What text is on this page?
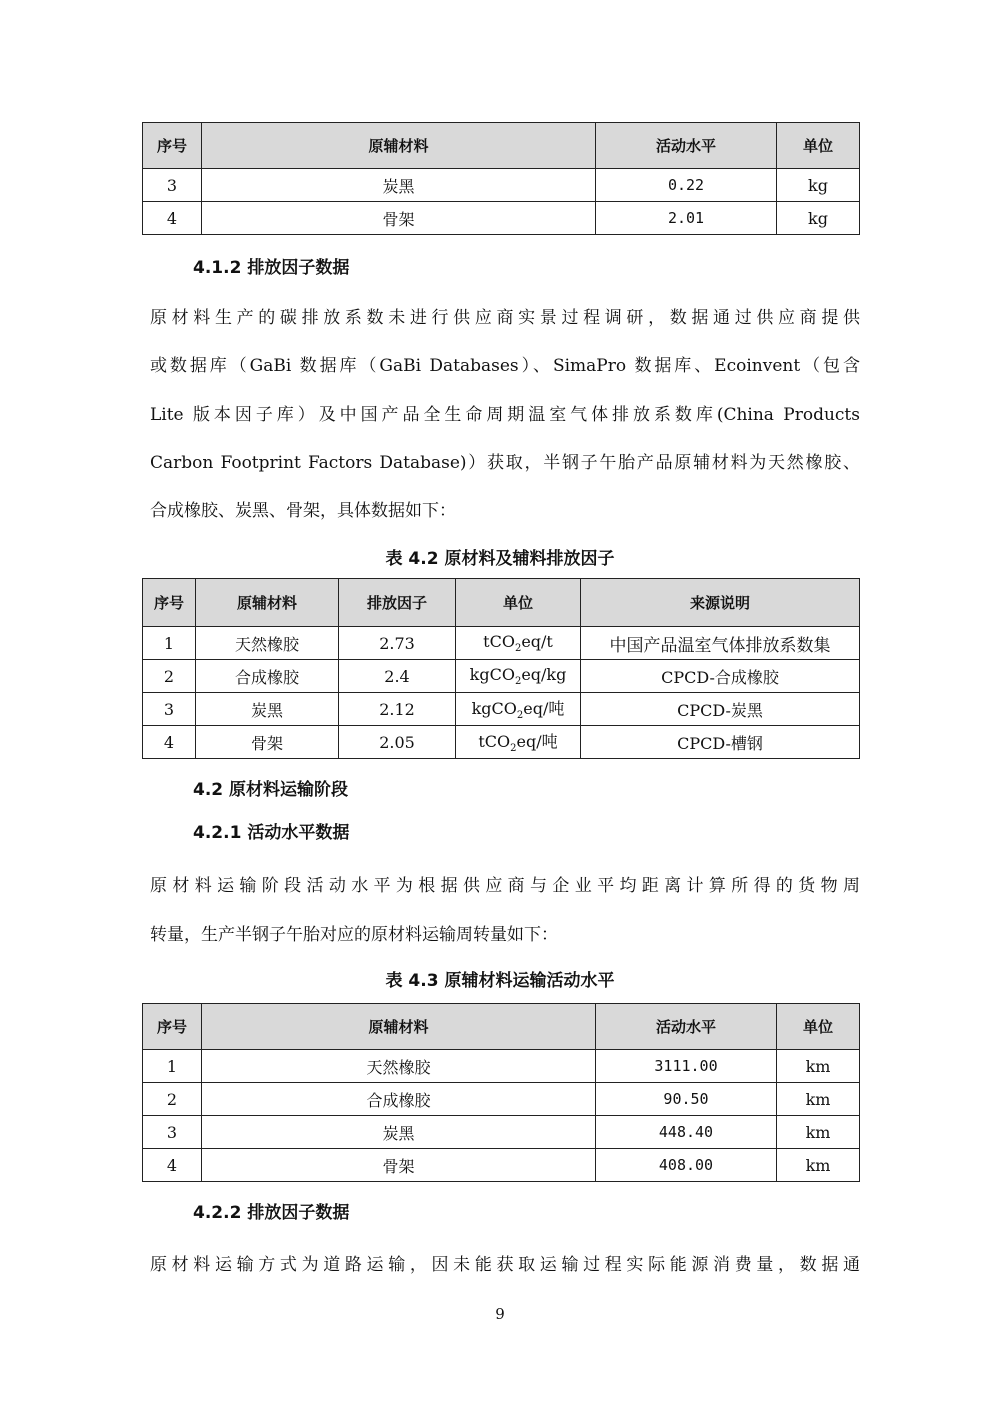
序号	原辅材料	活动水平	单位
3	炭黑	0.22	kg
4	骨架	2.01	kg
4.1.2 排放因子数据
原材料生产的碳排放系数未进行供应商实景过程调研，数据通过供应商提供
或数据库（GaBi 数据库（GaBi Databases）、SimaPro 数据库、Ecoinvent（包含
Lite 版本因子库）及中国产品全生命周期温室气体排放系数库(China Products
Carbon Footprint Factors Database)）获取，半钢子午胎产品原辅材料为天然橡胶、
合成橡胶、炭黑、骨架，具体数据如下：
表 4.2 原材料及辅料排放因子
序号	原辅材料	排放因子	单位	来源说明
1	天然橡胶	2.73	tCO$_2$eq/t	中国产品温室气体排放系数集
2	合成橡胶	2.4	kgCO$_2$eq/kg	CPCD-合成橡胶
3	炭黑	2.12	kgCO$_2$eq/吨	CPCD-炭黑
4	骨架	2.05	tCO$_2$eq/吨	CPCD-槽钢
4.2 原材料运输阶段
4.2.1 活动水平数据
原材料运输阶段活动水平为根据供应商与企业平均距离计算所得的货物周
转量，生产半钢子午胎对应的原材料运输周转量如下：
表 4.3 原辅材料运输活动水平
序号	原辅材料	活动水平	单位
1	天然橡胶	3111.00	km
2	合成橡胶	90.50	km
3	炭黑	448.40	km
4	骨架	408.00	km
4.2.2 排放因子数据
原材料运输方式为道路运输，因未能获取运输过程实际能源消费量，数据通
9
